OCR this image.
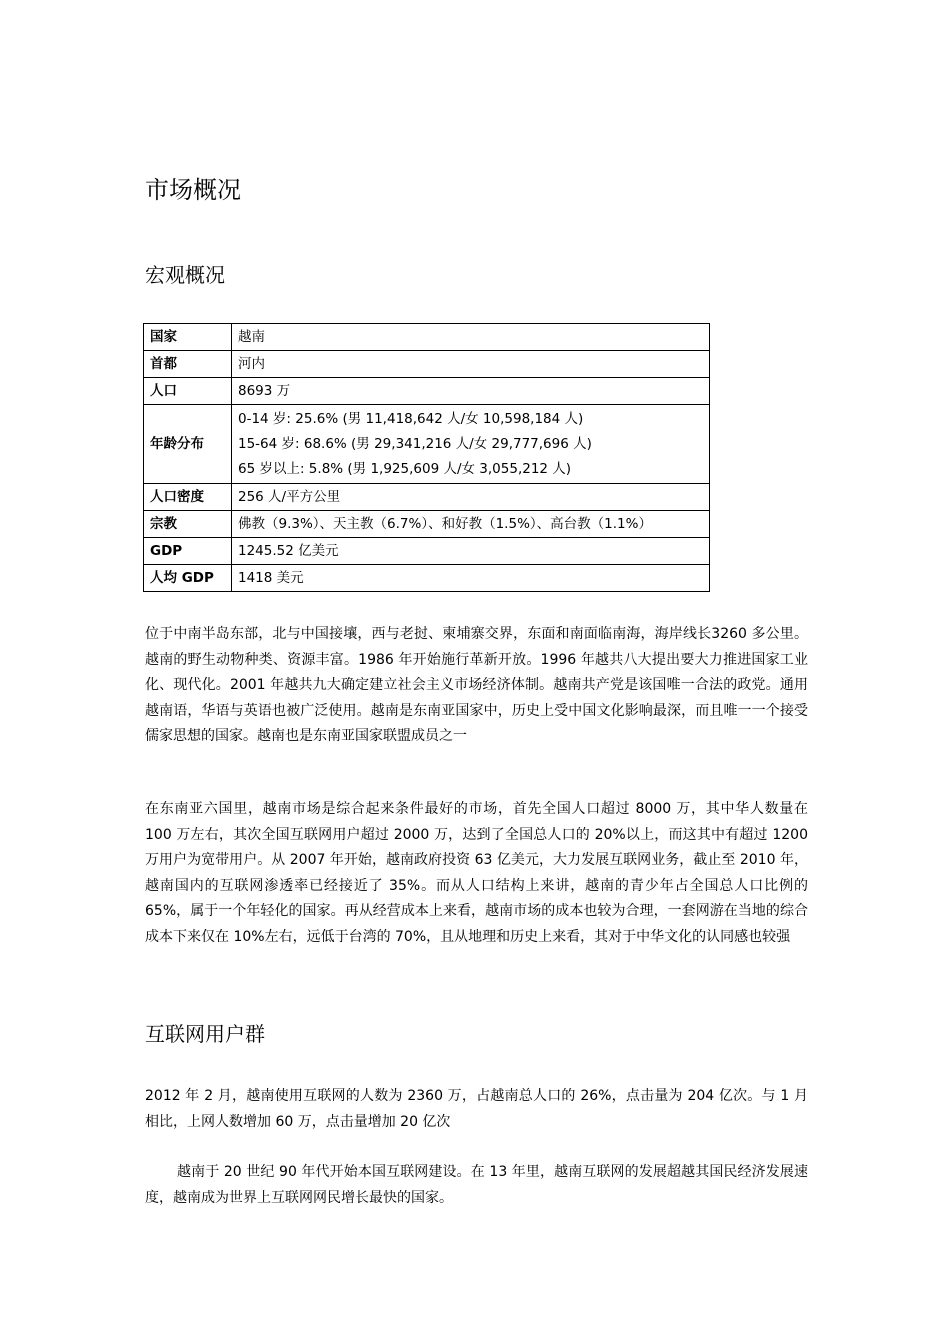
市场概况
宏观概况
国家	越南
首都	河内
人口	8693 万
年龄分布	0-14 岁: 25.6% (男 11,418,642 人/女 10,598,184 人)
15-64 岁: 68.6% (男 29,341,216 人/女 29,777,696 人)
65 岁以上: 5.8% (男 1,925,609 人/女 3,055,212 人)

人口密度	256 人/平方公里
宗教	佛教（9.3%）、天主教（6.7%）、和好教（1.5%）、高台教（1.1%）
GDP	1245.52 亿美元
人均 GDP	1418 美元

位于中南半岛东部，北与中国接壤，西与老挝、柬埔寨交界，东面和南面临南海，海岸线长3260 多公里。越南的野生动物种类、资源丰富。1986 年开始施行革新开放。1996 年越共八大提出要大力推进国家工业化、现代化。2001 年越共九大确定建立社会主义市场经济体制。越南共产党是该国唯一合法的政党。通用越南语，华语与英语也被广泛使用。越南是东南亚国家中，历史上受中国文化影响最深，而且唯一一个接受儒家思想的国家。越南也是东南亚国家联盟成员之一

在东南亚六国里，越南市场是综合起来条件最好的市场，首先全国人口超过 8000 万，其中华人数量在 100 万左右，其次全国互联网用户超过 2000 万，达到了全国总人口的 20%以上，而这其中有超过 1200 万用户为宽带用户。从 2007 年开始，越南政府投资 63 亿美元，大力发展互联网业务，截止至 2010 年，越南国内的互联网渗透率已经接近了 35%。而从人口结构上来讲，越南的青少年占全国总人口比例的 65%，属于一个年轻化的国家。再从经营成本上来看，越南市场的成本也较为合理，一套网游在当地的综合成本下来仅在 10%左右，远低于台湾的 70%，且从地理和历史上来看，其对于中华文化的认同感也较强

互联网用户群

2012 年 2 月，越南使用互联网的人数为 2360 万，占越南总人口的 26%，点击量为 204 亿次。与 1 月相比，上网人数增加 60 万，点击量增加 20 亿次

越南于 20 世纪 90 年代开始本国互联网建设。在 13 年里，越南互联网的发展超越其国民经济发展速度，越南成为世界上互联网网民增长最快的国家。
